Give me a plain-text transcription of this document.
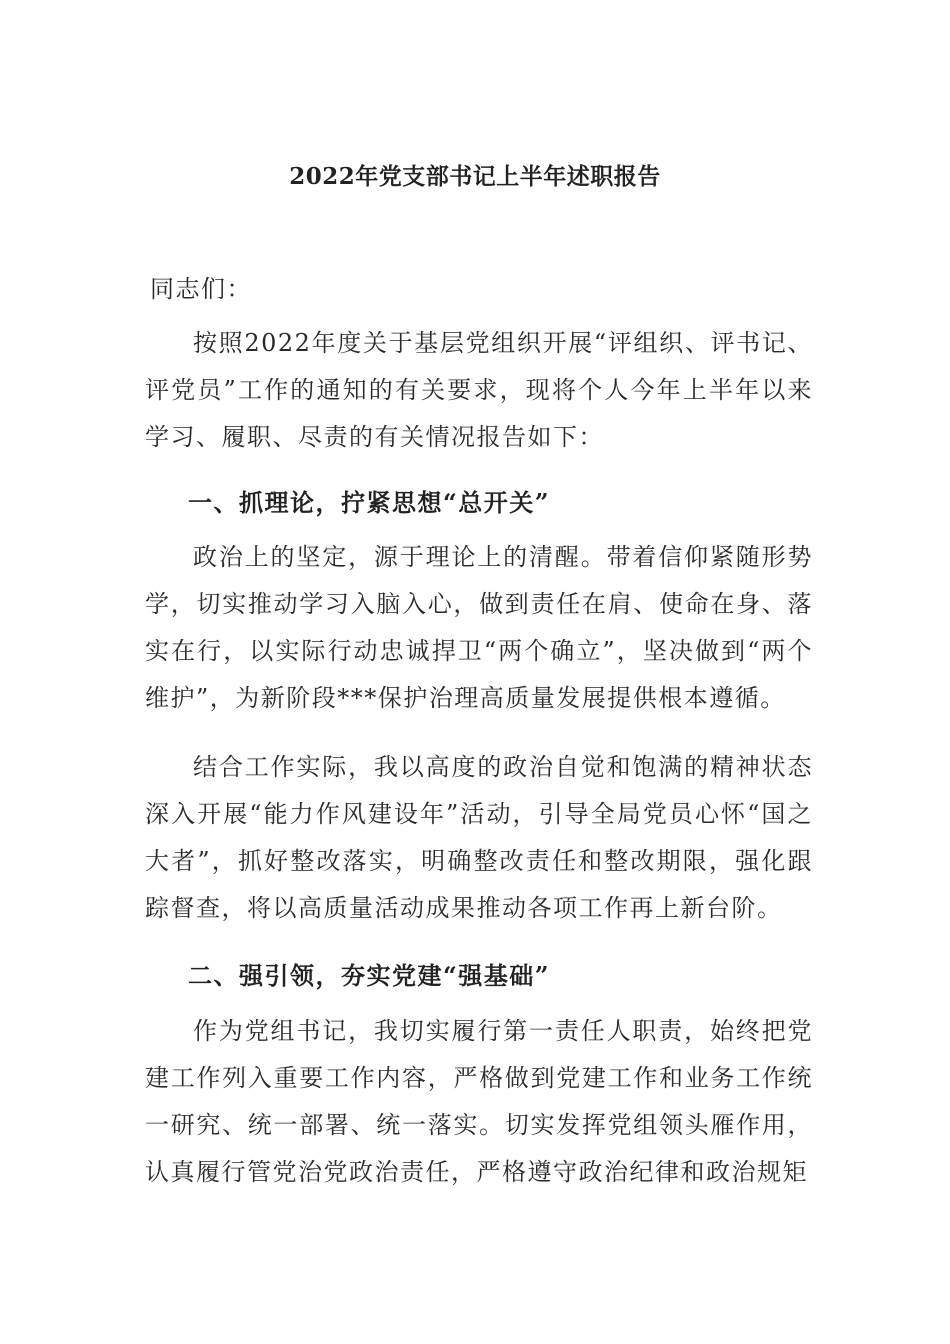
2022年党支部书记上半年述职报告
同志们：
按照2022年度关于基层党组织开展“评组织、评书记、评党员”工作的通知的有关要求，现将个人今年上半年以来学习、履职、尽责的有关情况报告如下：
一、抓理论，拧紧思想“总开关”
政治上的坚定，源于理论上的清醒。带着信仰紧随形势学，切实推动学习入脑入心，做到责任在肩、使命在身、落实在行，以实际行动忠诚捍卫“两个确立”，坚决做到“两个维护”，为新阶段***保护治理高质量发展提供根本遵循。
结合工作实际，我以高度的政治自觉和饱满的精神状态深入开展“能力作风建设年”活动，引导全局党员心怀“国之大者”，抓好整改落实，明确整改责任和整改期限，强化跟踪督查，将以高质量活动成果推动各项工作再上新台阶。
二、强引领，夯实党建“强基础”
作为党组书记，我切实履行第一责任人职责，始终把党建工作列入重要工作内容，严格做到党建工作和业务工作统一研究、统一部署、统一落实。切实发挥党组领头雁作用，认真履行管党治党政治责任，严格遵守政治纪律和政治规矩
